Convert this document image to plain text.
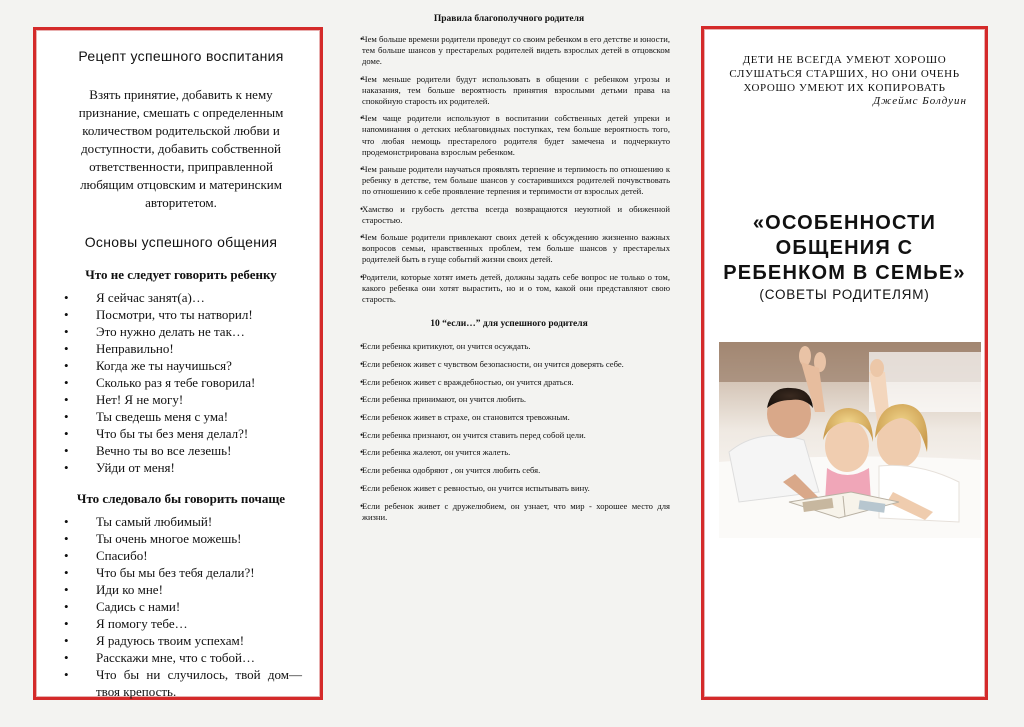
Рецепт успешного воспитания
Взять принятие, добавить к нему признание, смешать с определенным количеством родительской любви и доступности, добавить собственной ответственности, приправленной любящим отцовским и материнским авторитетом.
Основы успешного общения
Что не следует говорить ребенку
• Я сейчас занят(а)…
• Посмотри, что ты натворил!
• Это нужно делать не так…
• Неправильно!
• Когда же ты научишься?
• Сколько раз я тебе говорила!
• Нет! Я не могу!
• Ты сведешь меня с ума!
• Что бы ты без меня делал?!
• Вечно ты во все лезешь!
• Уйди от меня!
Что следовало бы говорить почаще
• Ты самый любимый!
• Ты очень многое можешь!
• Спасибо!
• Что бы мы без тебя делали?!
• Иди ко мне!
• Садись с нами!
• Я помогу тебе…
• Я радуюсь твоим успехам!
• Расскажи мне, что с тобой…
• Что бы ни случилось, твой дом—твоя крепость.
Правила благополучного родителя
• Чем больше времени родители проведут со своим ребенком в его детстве и юности, тем больше шансов у престарелых родителей видеть взрослых детей в отцовском доме.
• Чем меньше родители будут использовать в общении с ребенком угрозы и наказания, тем больше вероятность принятия взрослыми детьми права на спокойную старость их родителей.
• Чем чаще родители используют в воспитании собственных детей упреки и напоминания о детских неблаговидных поступках, тем больше вероятность того, что любая немощь престарелого родителя будет замечена и подчеркнуто продемонстрирована взрослым ребенком.
• Чем раньше родители научаться проявлять терпение и терпимость по отношению к ребенку в детстве, тем больше шансов у состарившихся родителей почувствовать по отношению к себе проявление терпения и терпимости от взрослых детей.
• Хамство и грубость детства всегда возвращаются неуютной и обиженной старостью.
• Чем больше родители привлекают своих детей к обсуждению жизненно важных вопросов семьи, нравственных проблем, тем больше шансов у престарелых родителей быть в гуще событий жизни своих детей.
• Родители, которые хотят иметь детей, должны задать себе вопрос не только о том, какого ребенка они хотят вырастить, но и о том, какой они представляют свою старость.
10 “если…” для успешного родителя
• Если ребенка критикуют, он учится осуждать.
• Если ребенок живет с чувством безопасности, он учится доверять себе.
• Если ребенок живет с враждебностью, он учится драться.
• Если ребенка принимают, он учится любить.
• Если ребенок живет в страхе, он становится тревожным.
• Если ребенка признают, он учится ставить перед собой цели.
• Если ребенка жалеют, он учится жалеть.
• Если ребенка одобряют , он учится любить себя.
• Если ребенок живет с ревностью, он учится испытывать вину.
• Если ребенок живет с дружелюбием, он узнает, что мир - хорошее место для жизни.
ДЕТИ НЕ ВСЕГДА УМЕЮТ ХОРОШО СЛУШАТЬСЯ СТАРШИХ, НО ОНИ ОЧЕНЬ ХОРОШО УМЕЮТ ИХ КОПИРОВАТЬ
Джеймс Болдуин
«ОСОБЕННОСТИ ОБЩЕНИЯ С РЕБЕНКОМ В СЕМЬЕ»
(СОВЕТЫ РОДИТЕЛЯМ)
